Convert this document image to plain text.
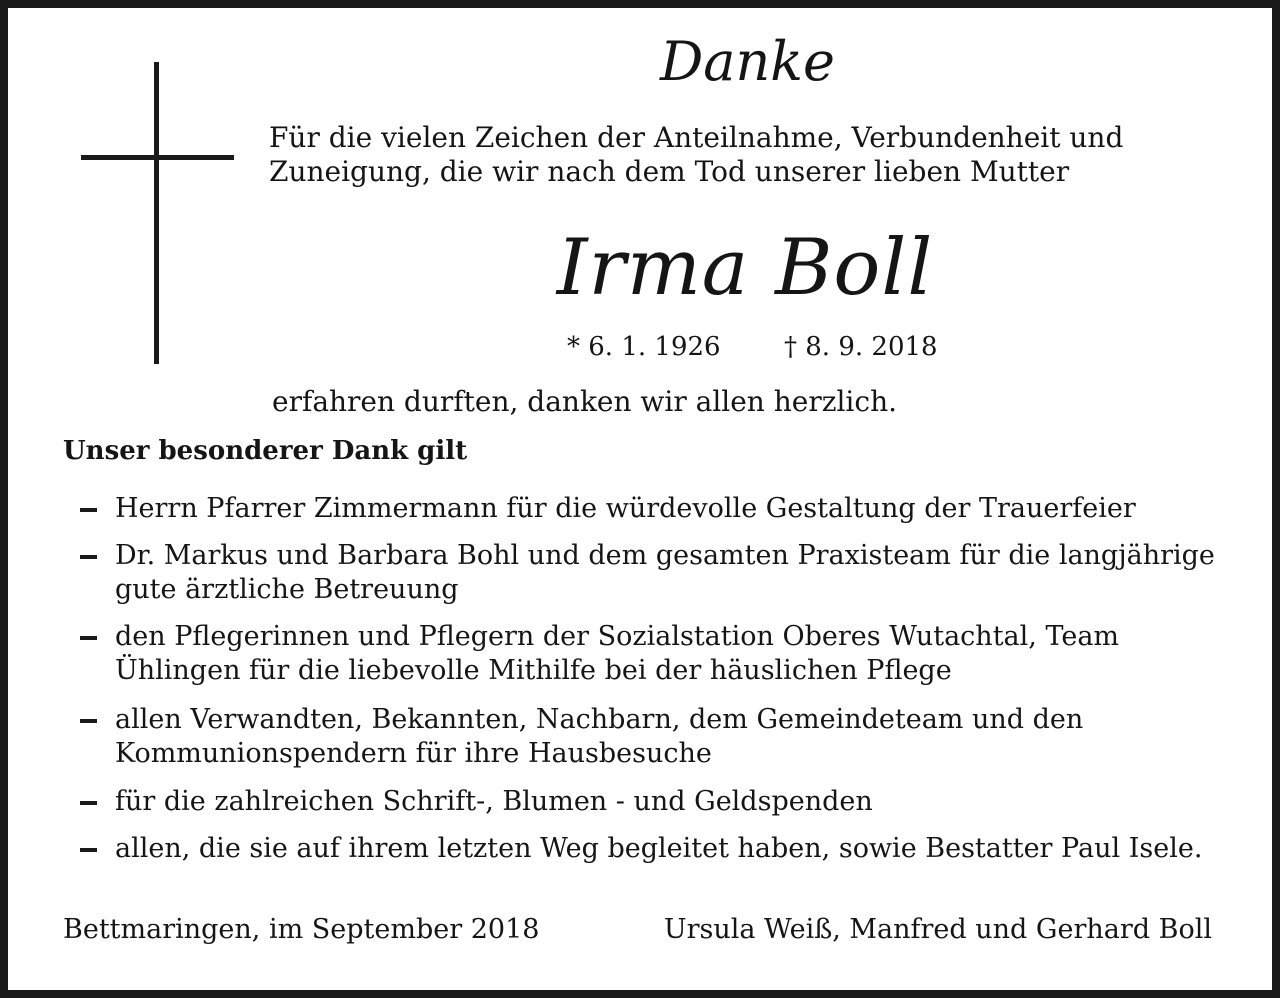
Danke
Für die vielen Zeichen der Anteilnahme, Verbundenheit und Zuneigung, die wir nach dem Tod unserer lieben Mutter
Irma Boll
* 6. 1. 1926 † 8. 9. 2018
erfahren durften, danken wir allen herzlich.
Unser besonderer Dank gilt
Herrn Pfarrer Zimmermann für die würdevolle Gestaltung der Trauerfeier
Dr. Markus und Barbara Bohl und dem gesamten Praxisteam für die langjährige gute ärztliche Betreuung
den Pflegerinnen und Pflegern der Sozialstation Oberes Wutachtal, Team Ühlingen für die liebevolle Mithilfe bei der häuslichen Pflege
allen Verwandten, Bekannten, Nachbarn, dem Gemeindeteam und den Kommunionspendern für ihre Hausbesuche
für die zahlreichen Schrift-, Blumen - und Geldspenden
allen, die sie auf ihrem letzten Weg begleitet haben, sowie Bestatter Paul Isele.
Bettmaringen, im September 2018	Ursula Weiß, Manfred und Gerhard Boll
